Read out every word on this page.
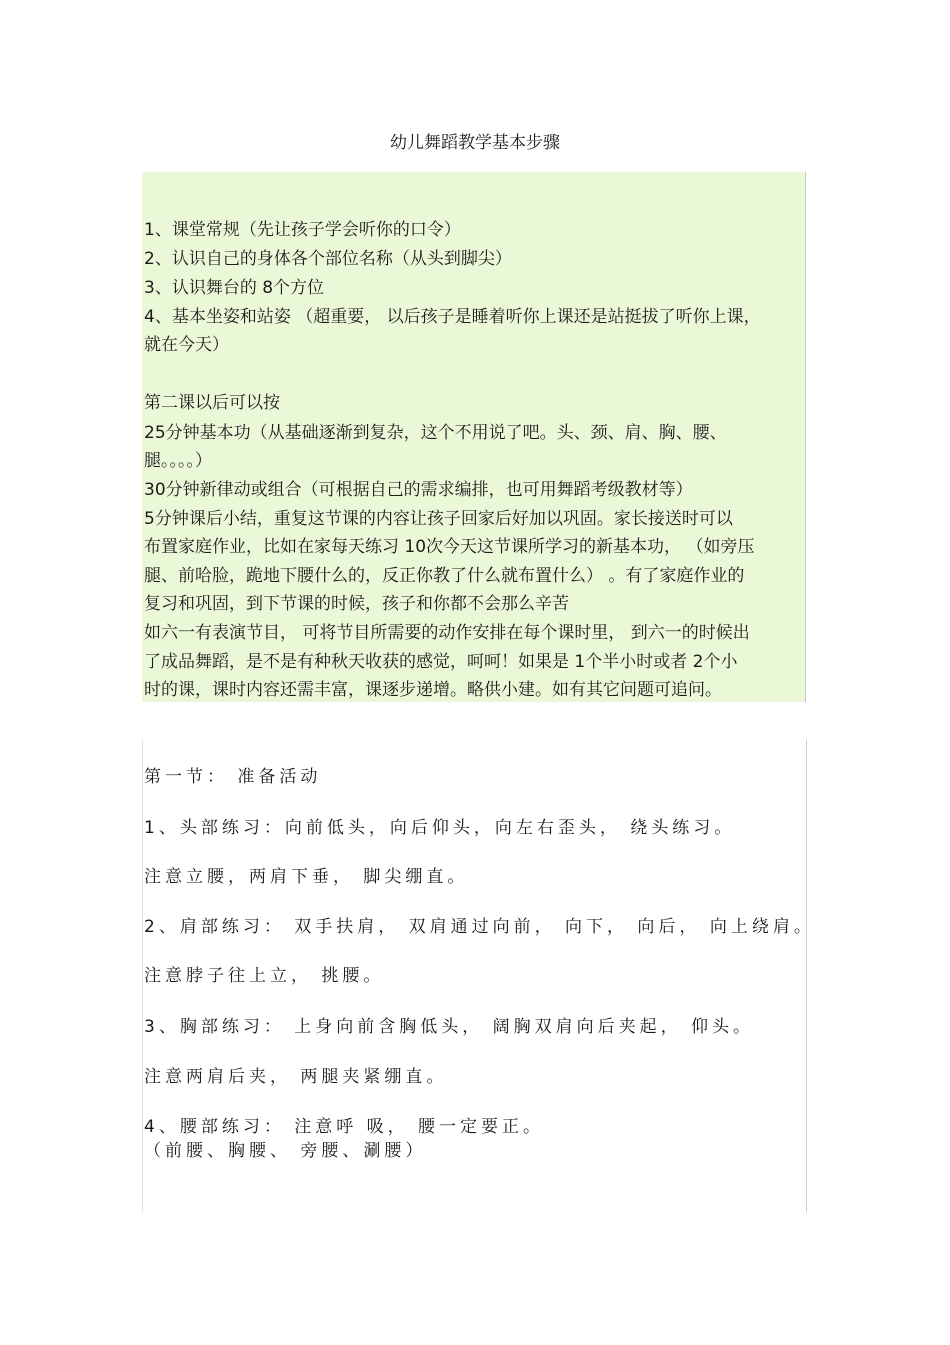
幼儿舞蹈教学基本步骤
1、课堂常规（先让孩子学会听你的口令）
2、认识自己的身体各个部位名称（从头到脚尖）
3、认识舞台的 8个方位
4、基本坐姿和站姿 （超重要， 以后孩子是睡着听你上课还是站挺拔了听你上课，
就在今天）
第二课以后可以按
25分钟基本功（从基础逐渐到复杂，这个不用说了吧。头、颈、肩、胸、腰、
腿。。。。）
30分钟新律动或组合（可根据自己的需求编排，也可用舞蹈考级教材等）
5分钟课后小结，重复这节课的内容让孩子回家后好加以巩固。家长接送时可以
布置家庭作业，比如在家每天练习 10次今天这节课所学习的新基本功， （如旁压
腿、前哈脸，跪地下腰什么的，反正你教了什么就布置什么） 。有了家庭作业的
复习和巩固，到下节课的时候，孩子和你都不会那么辛苦
如六一有表演节目， 可将节目所需要的动作安排在每个课时里， 到六一的时候出
了成品舞蹈，是不是有种秋天收获的感觉，呵呵！如果是 1个半小时或者 2个小
时的课，课时内容还需丰富，课逐步递增。略供小建。如有其它问题可追问。
第一节： 准备活动
1、头部练习：向前低头，向后仰头，向左右歪头， 绕头练习。
注意立腰，两肩下垂， 脚尖绷直。
2、肩部练习： 双手扶肩， 双肩通过向前， 向下， 向后， 向上绕肩。
注意脖子往上立， 挑腰。
3、胸部练习： 上身向前含胸低头， 阔胸双肩向后夹起， 仰头。
注意两肩后夹， 两腿夹紧绷直。
4、腰部练习： 注意呼 吸， 腰一定要正。
（前腰、胸腰、 旁腰、涮腰）
